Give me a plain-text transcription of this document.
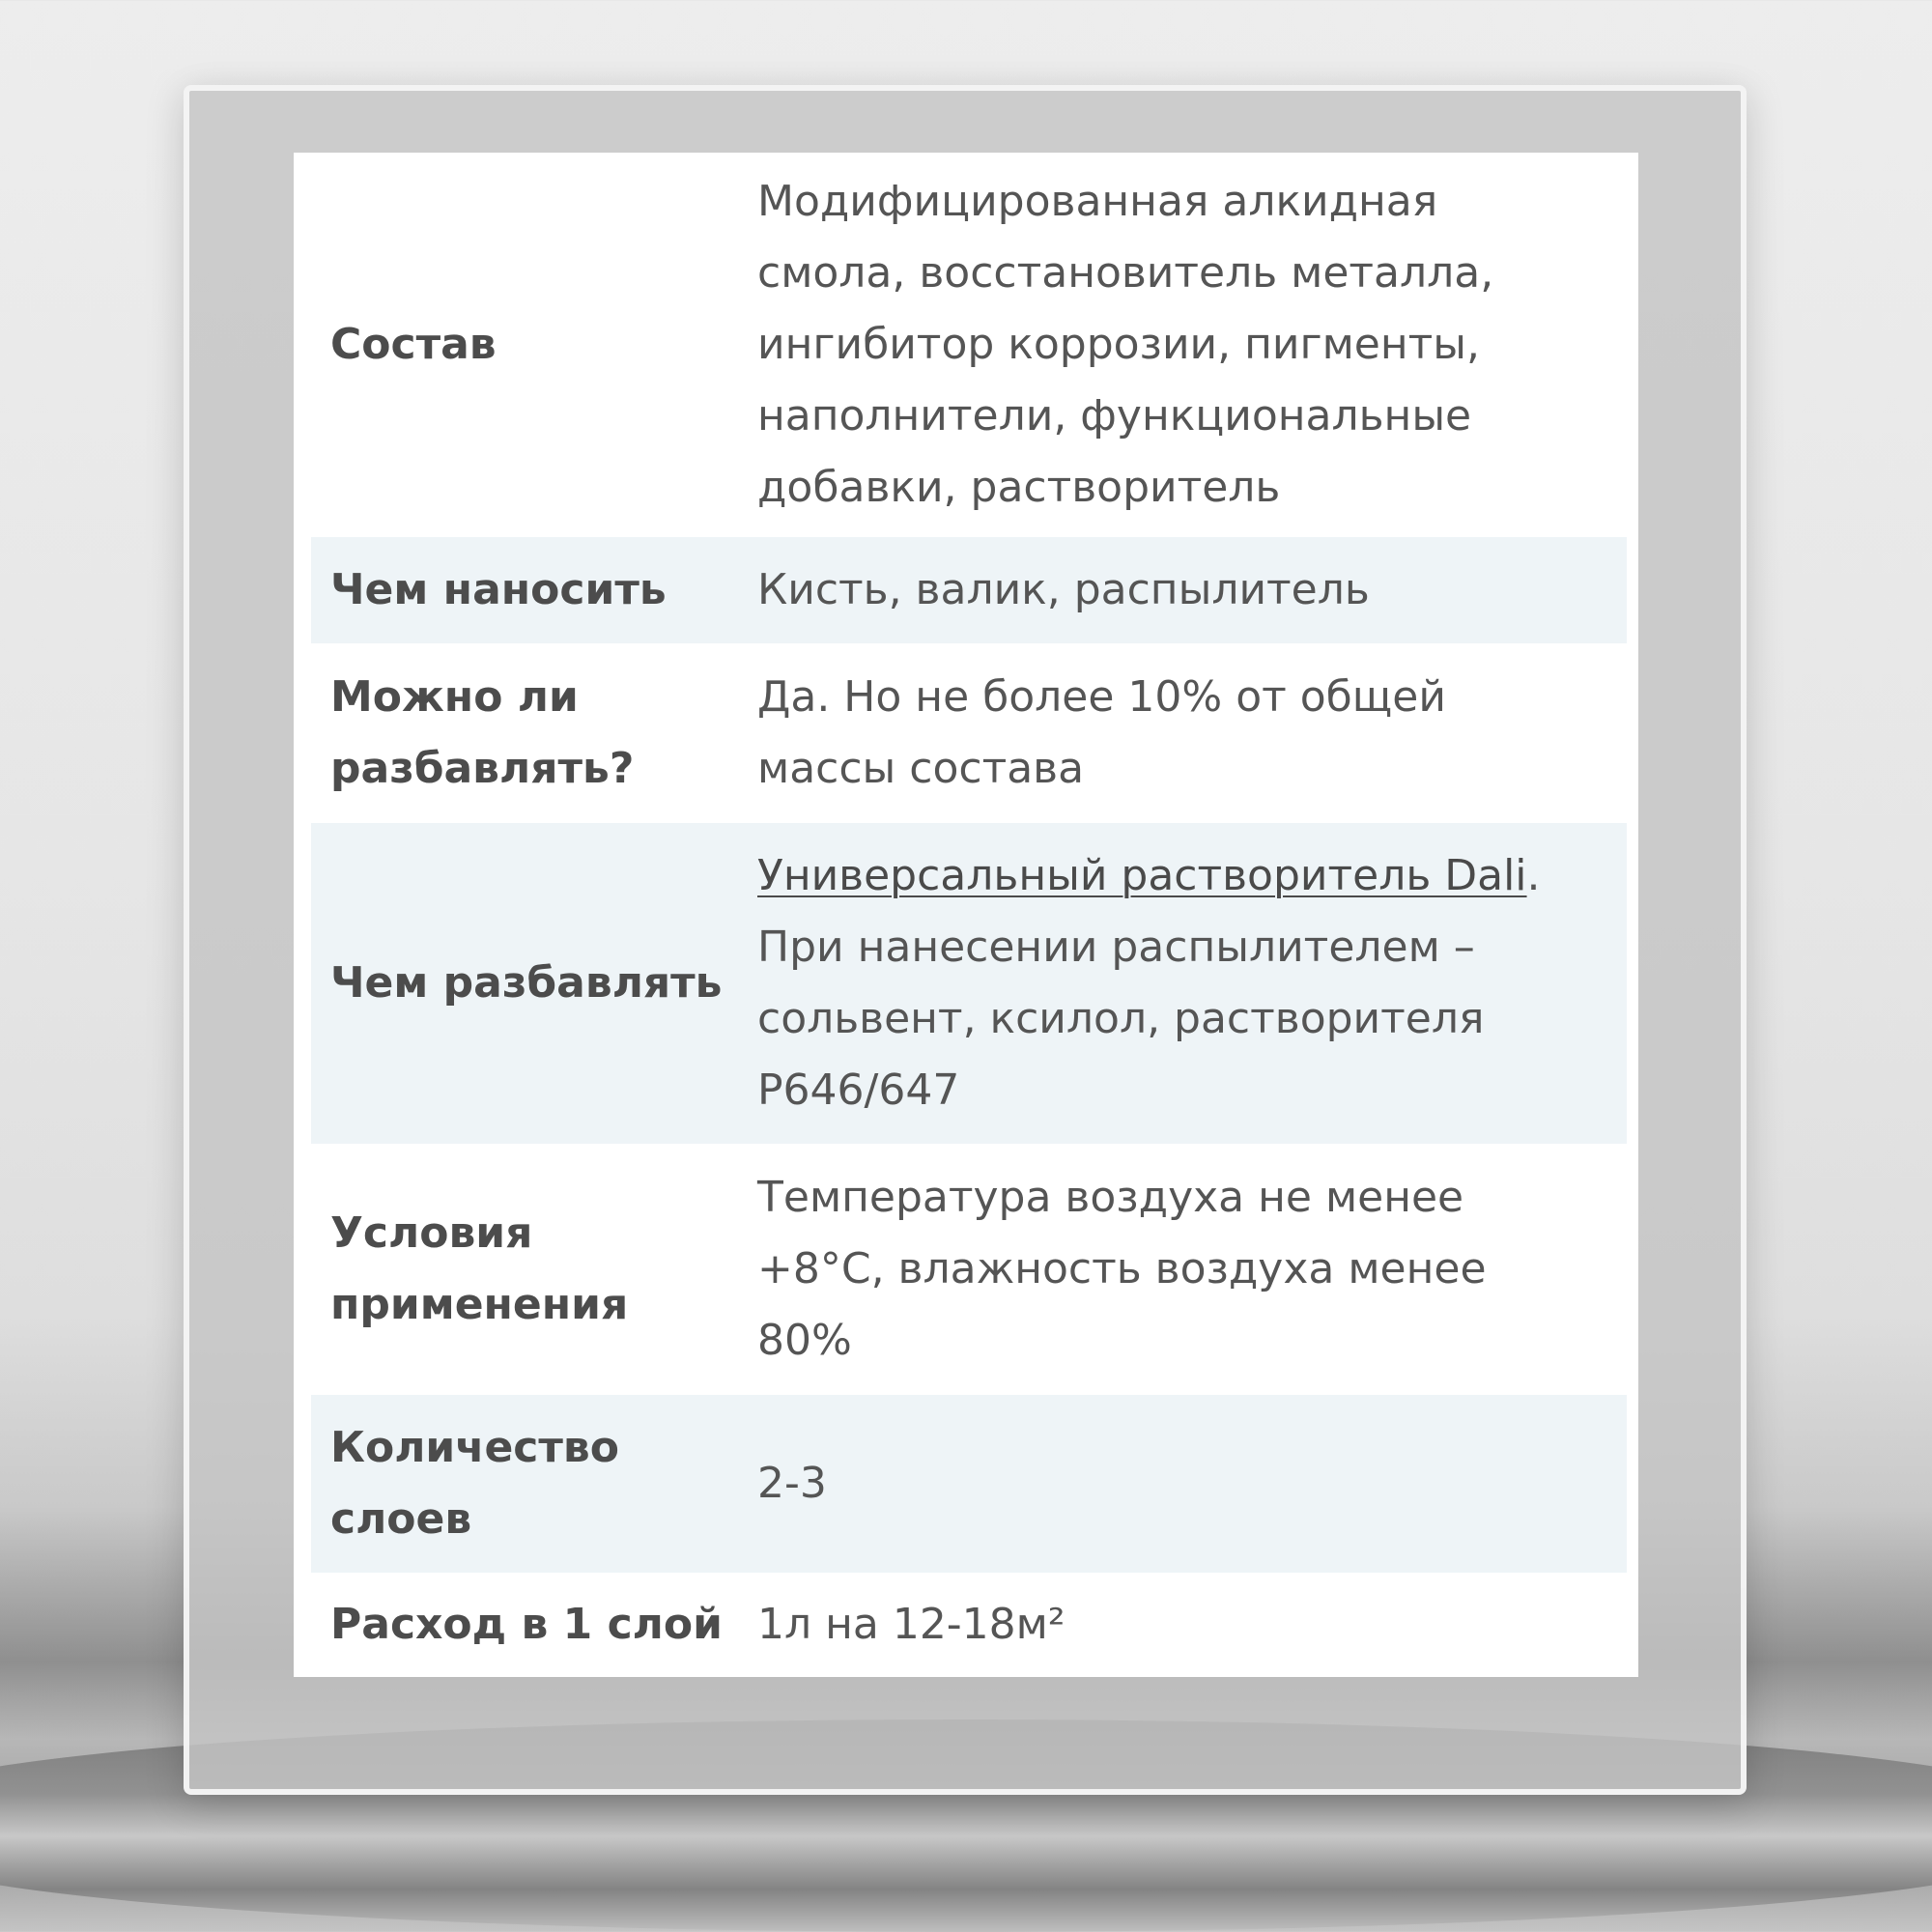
Состав
Модифицированная алкидная
смола, восстановитель металла,
ингибитор коррозии, пигменты,
наполнители, функциональные
добавки, растворитель
Чем наносить	Кисть, валик, распылитель
Можно ли
разбавлять?
Да. Но не более 10% от общей
массы состава
Чем разбавлять
Универсальный растворитель Dali.
При нанесении распылителем –
сольвент, ксилол, растворителя
Р646/647
Условия
применения
Температура воздуха не менее
+8°C, влажность воздуха менее
80%
Количество
слоев
2-3
Расход в 1 слой 1л на 12-18м²
